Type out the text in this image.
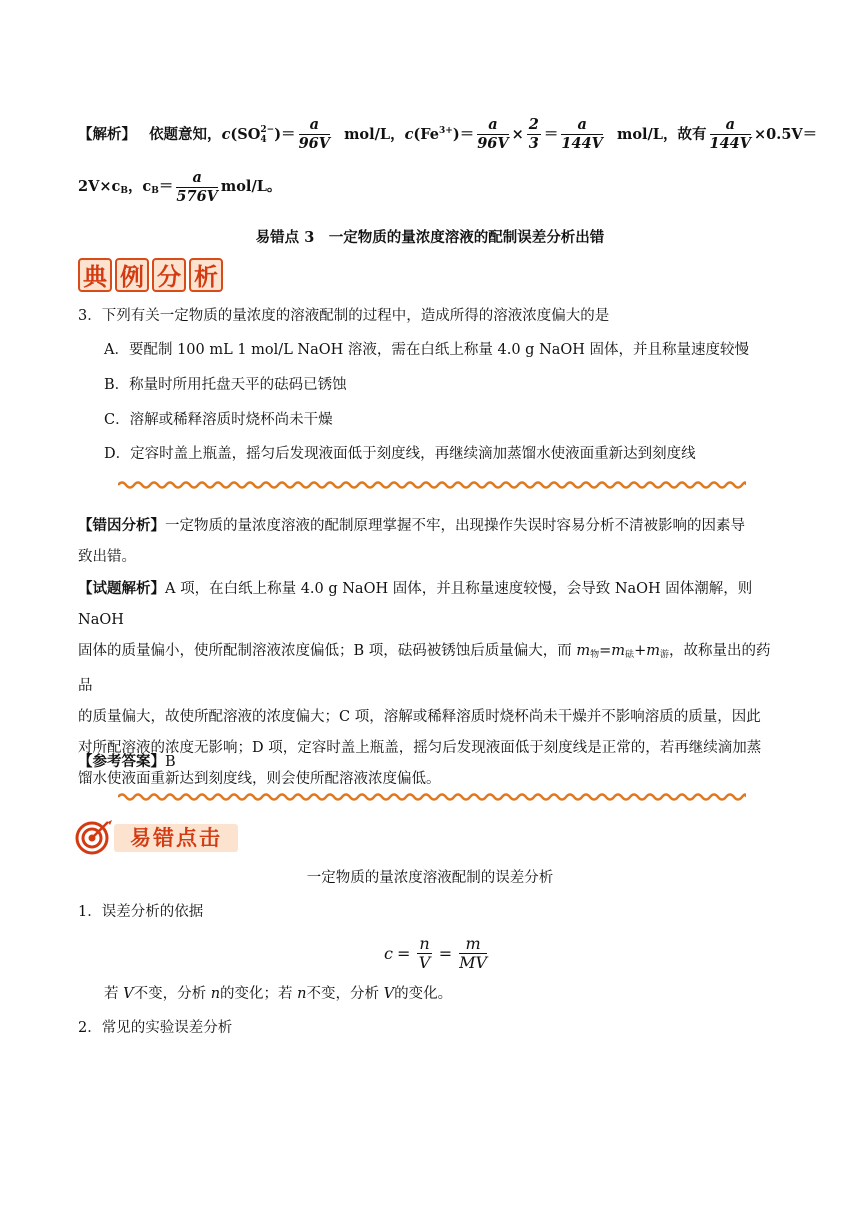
【解析】 依题意知，c(SO 2−
4 )＝ $\frac{a}{96V} mol/L$，$c(Fe^{3+})= \frac{a}{96V} \times \frac{2}{3} = \frac{a}{144V} mol/L$，故有 $\frac{a}{144V} \times 0.5V=$
$2V\times c_B$，$c_B= \frac{a}{576V} mol/L$。
易错点 3　一定物质的量浓度溶液的配制误差分析出错
典 例 分 析
3．下列有关一定物质的量浓度的溶液配制的过程中，造成所得的溶液浓度偏大的是
A．要配制 100 mL 1 mol/L NaOH 溶液，需在白纸上称量 4.0 g NaOH 固体，并且称量速度较慢
B．称量时所用托盘天平的砝码已锈蚀
C．溶解或稀释溶质时烧杯尚未干燥
D．定容时盖上瓶盖，摇匀后发现液面低于刻度线，再继续滴加蒸馏水使液面重新达到刻度线
【错因分析】一定物质的量浓度溶液的配制原理掌握不牢，出现操作失误时容易分析不清被影响的因素导
致出错。
【试题解析】A 项，在白纸上称量 4.0 g NaOH 固体，并且称量速度较慢，会导致 NaOH 固体潮解，则 NaOH
固体的质量偏小，使所配制溶液浓度偏低；B 项，砝码被锈蚀后质量偏大，而 $m_物=m_砝+m_游$，故称量出的药品
的质量偏大，故使所配溶液的浓度偏大；C 项，溶解或稀释溶质时烧杯尚未干燥并不影响溶质的质量，因此
对所配溶液的浓度无影响；D 项，定容时盖上瓶盖，摇匀后发现液面低于刻度线是正常的，若再继续滴加蒸
馏水使液面重新达到刻度线，则会使所配溶液浓度偏低。
【参考答案】B
易错点击
一定物质的量浓度溶液配制的误差分析
1．误差分析的依据
$c = \frac{n}{V} = \frac{m}{MV}$
若 V不变，分析 n的变化；若 n不变，分析 V的变化。
2．常见的实验误差分析
